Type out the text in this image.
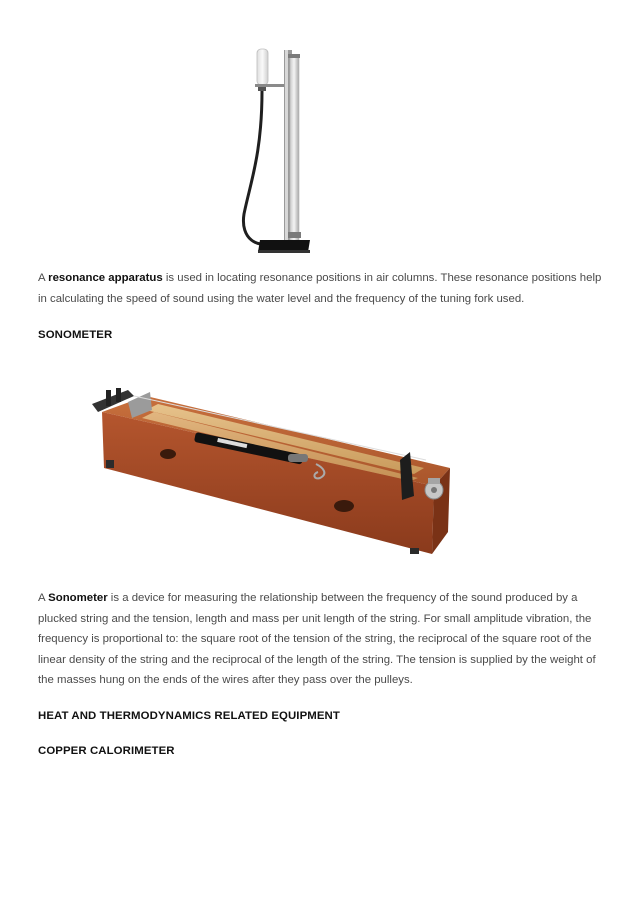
A resonance apparatus is used in locating resonance positions in air columns. These resonance positions help in calculating the speed of sound using the water level and the frequency of the tuning fork used.

SONOMETER

A Sonometer is a device for measuring the relationship between the frequency of the sound produced by a plucked string and the tension, length and mass per unit length of the string. For small amplitude vibration, the frequency is proportional to: the square root of the tension of the string, the reciprocal of the square root of the linear density of the string and the reciprocal of the length of the string. The tension is supplied by the weight of the masses hung on the ends of the wires after they pass over the pulleys.

HEAT AND THERMODYNAMICS RELATED EQUIPMENT

COPPER CALORIMETER
